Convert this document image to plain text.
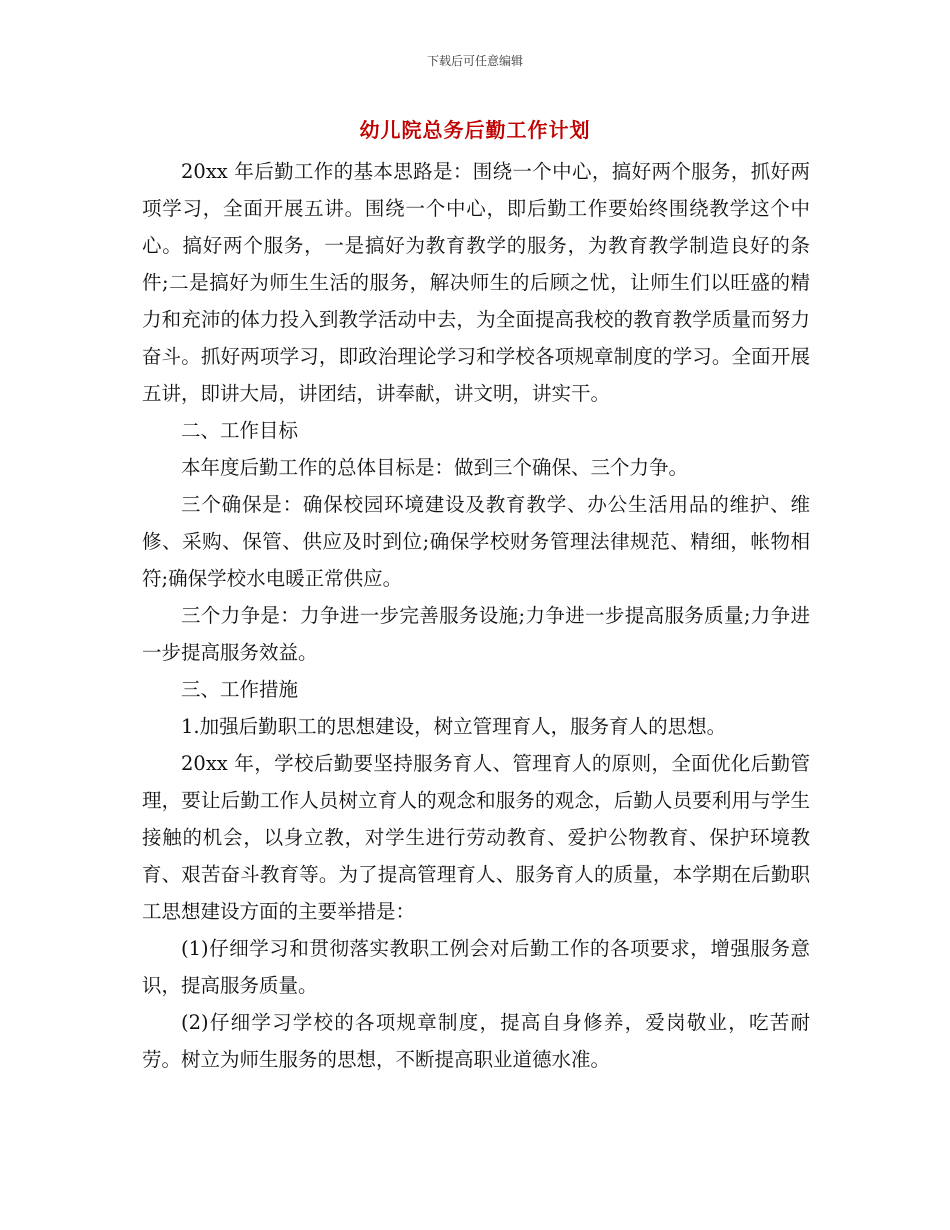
下载后可任意编辑
幼儿院总务后勤工作计划

20xx 年后勤工作的基本思路是：围绕一个中心，搞好两个服务，抓好两项学习，全面开展五讲。围绕一个中心，即后勤工作要始终围绕教学这个中心。搞好两个服务，一是搞好为教育教学的服务，为教育教学制造良好的条件;二是搞好为师生生活的服务，解决师生的后顾之忧，让师生们以旺盛的精力和充沛的体力投入到教学活动中去，为全面提高我校的教育教学质量而努力奋斗。抓好两项学习，即政治理论学习和学校各项规章制度的学习。全面开展五讲，即讲大局，讲团结，讲奉献，讲文明，讲实干。

二、工作目标

本年度后勤工作的总体目标是：做到三个确保、三个力争。

三个确保是：确保校园环境建设及教育教学、办公生活用品的维护、维修、采购、保管、供应及时到位;确保学校财务管理法律规范、精细，帐物相符;确保学校水电暖正常供应。

三个力争是：力争进一步完善服务设施;力争进一步提高服务质量;力争进一步提高服务效益。

三、工作措施

1.加强后勤职工的思想建设，树立管理育人，服务育人的思想。

20xx 年，学校后勤要坚持服务育人、管理育人的原则，全面优化后勤管理，要让后勤工作人员树立育人的观念和服务的观念，后勤人员要利用与学生接触的机会，以身立教，对学生进行劳动教育、爱护公物教育、保护环境教育、艰苦奋斗教育等。为了提高管理育人、服务育人的质量，本学期在后勤职工思想建设方面的主要举措是：

(1)仔细学习和贯彻落实教职工例会对后勤工作的各项要求，增强服务意识，提高服务质量。

(2)仔细学习学校的各项规章制度，提高自身修养，爱岗敬业，吃苦耐劳。树立为师生服务的思想，不断提高职业道德水准。
